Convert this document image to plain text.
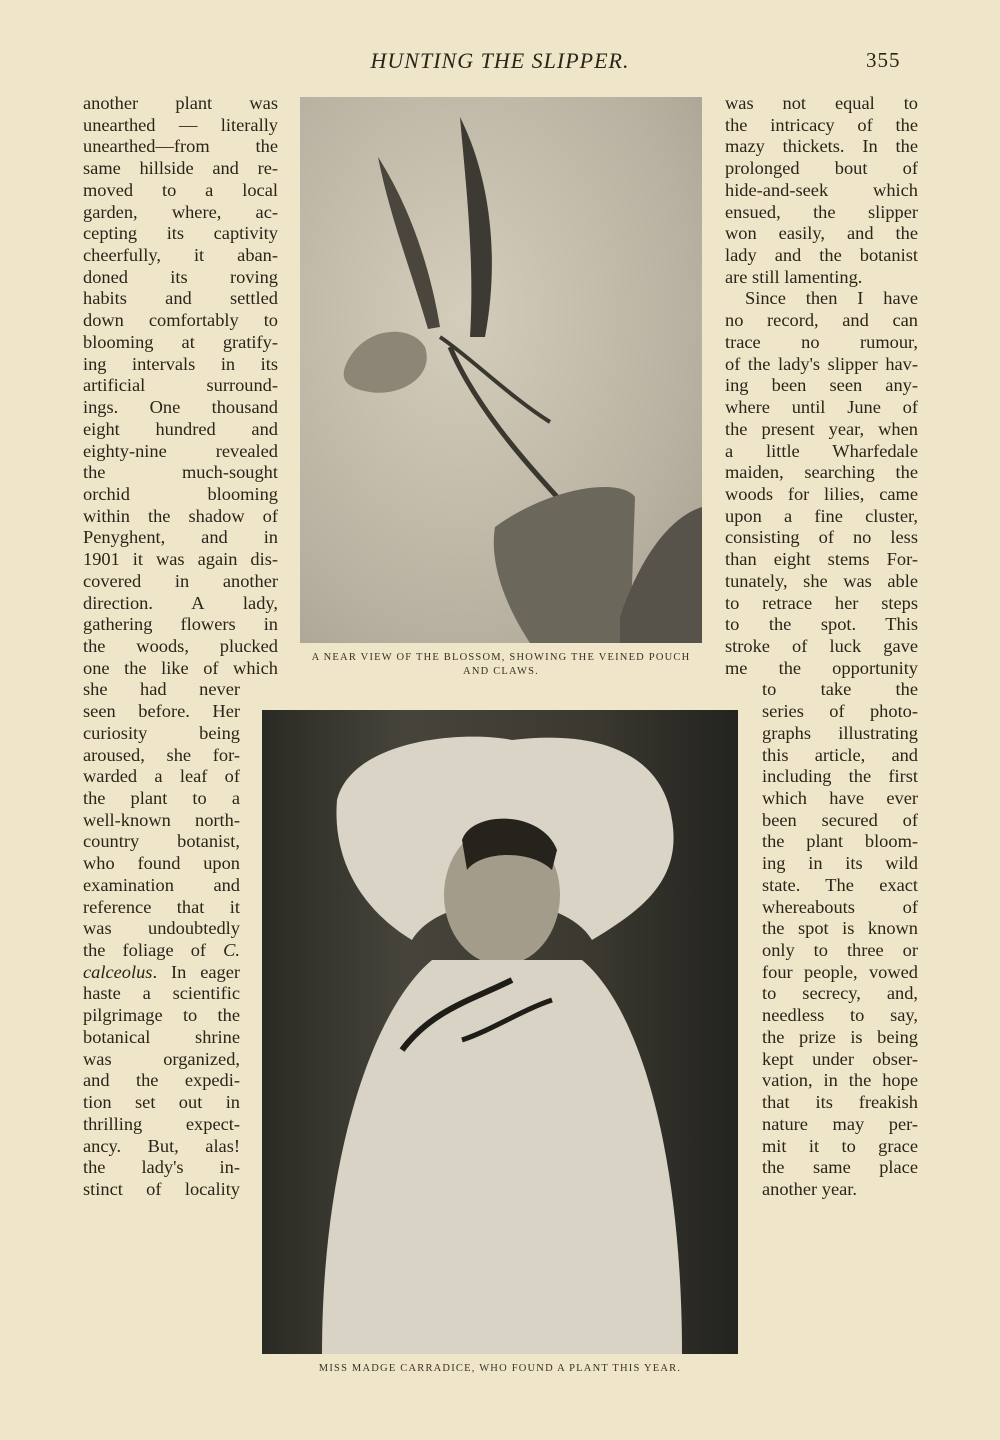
HUNTING THE SLIPPER.	355
another plant was
unearthed — literally
unearthed—from the
same hillside and re-
moved to a local
garden, where, ac-
cepting its captivity
cheerfully, it aban-
doned its roving
habits and settled
down comfortably to
blooming at gratify-
ing intervals in its
artificial surround-
ings. One thousand
eight hundred and
eighty-nine revealed
the much-sought
orchid blooming
within the shadow of
Penyghent, and in
1901 it was again dis-
covered in another
direction. A lady,
gathering flowers in
the woods, plucked
one the like of which
she had never
seen before. Her
curiosity being
aroused, she for-
warded a leaf of
the plant to a
well-known north-
country botanist,
who found upon
examination and
reference that it
was undoubtedly
the foliage of C.
calceolus. In eager
haste a scientific
pilgrimage to the
botanical shrine
was organized,
and the expedi-
tion set out in
thrilling expect-
ancy. But, alas!
the lady's in-
stinct of locality
was not equal to
the intricacy of the
mazy thickets. In the
prolonged bout of
hide-and-seek which
ensued, the slipper
won easily, and the
lady and the botanist
are still lamenting.
Since then I have
no record, and can
trace no rumour,
of the lady's slipper hav-
ing been seen any-
where until June of
the present year, when
a little Wharfedale
maiden, searching the
woods for lilies, came
upon a fine cluster,
consisting of no less
than eight stems For-
tunately, she was able
to retrace her steps
to the spot. This
stroke of luck gave
me the opportunity
to take the
series of photo-
graphs illustrating
this article, and
including the first
which have ever
been secured of
the plant bloom-
ing in its wild
state. The exact
whereabouts of
the spot is known
only to three or
four people, vowed
to secrecy, and,
needless to say,
the prize is being
kept under obser-
vation, in the hope
that its freakish
nature may per-
mit it to grace
the same place
another year.
A NEAR VIEW OF THE BLOSSOM, SHOWING THE VEINED POUCH AND CLAWS.
MISS MADGE CARRADICE, WHO FOUND A PLANT THIS YEAR.
